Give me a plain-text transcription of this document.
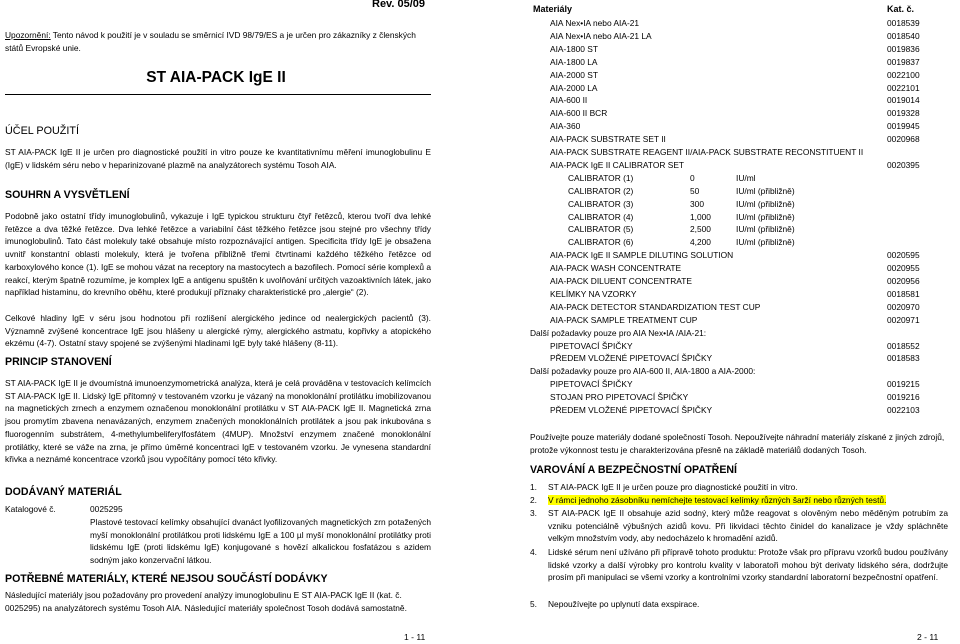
Rev. 05/09
Upozornění: Tento návod k použití je v souladu se směrnicí IVD 98/79/ES a je určen pro zákazníky z členských států Evropské unie.
ST AIA-PACK IgE II
ÚČEL POUŽITÍ
ST AIA-PACK IgE II je určen pro diagnostické použití in vitro pouze ke kvantitativnímu měření imunoglobulinu E (IgE) v lidském séru nebo v heparinizované plazmě na analyzátorech systému Tosoh AIA.
SOUHRN A VYSVĚTLENÍ
Podobně jako ostatní třídy imunoglobulinů, vykazuje i IgE typickou strukturu čtyř řetězců, kterou tvoří dva lehké řetězce a dva těžké řetězce. Dva lehké řetězce a variabilní část těžkého řetězce jsou stejné pro všechny třídy imunoglobulinů. Tato část molekuly také obsahuje místo rozpoznávající antigen. Specificita třídy IgE je obsažena uvnitř konstantní oblasti molekuly, která je tvořena přibližně třemi čtvrtinami každého těžkého řetězce od karboxylového konce (1). IgE se mohou vázat na receptory na mastocytech a bazofilech. Pomocí série komplexů a reakcí, kterým špatně rozumíme, je komplex IgE a antigenu spuštěn k uvolňování určitých vazoaktivních látek, jako například histaminu, do krevního oběhu, které produkují příznaky charakteristické pro „alergie“ (2).
Celkové hladiny IgE v séru jsou hodnotou při rozlišení alergického jedince od nealergických pacientů (3). Významně zvýšené koncentrace IgE jsou hlášeny u alergické rýmy, alergického astmatu, kopřivky a atopického ekzému (4-7). Ostatní stavy spojené se zvýšenými hladinami IgE byly také hlášeny (8-11).
PRINCIP STANOVENÍ
ST AIA-PACK IgE II je dvoumístná imunoenzymometrická analýza, která je celá prováděna v testovacích kelímcích ST AIA-PACK IgE II. Lidský IgE přítomný v testovaném vzorku je vázaný na monoklonální protilátku imobilizovanou na magnetických zrnech a enzymem označenou monoklonální protilátku v ST AIA-PACK IgE II. Magnetická zrna jsou promytím zbavena nenavázaných, enzymem značených monoklonálních protilátek a jsou pak inkubována s fluorogenním substrátem, 4-methylumbeliferylfosfátem (4MUP). Množství enzymem značené monoklonální protilátky, které se váže na zrna, je přímo úměrné koncentraci IgE v testovaném vzorku. Je vynesena standardní křivka a neznámé koncentrace vzorků jsou vypočítány pomocí této křivky.
DODÁVANÝ MATERIÁL
Katalogové č.	0025295
Plastové testovací kelímky obsahující dvanáct lyofilizovaných magnetických zrn potažených myší monoklonální protilátkou proti lidskému IgE a 100 µl myší monoklonální protilátky proti lidskému IgE (proti lidskému IgE) konjugované s hovězí alkalickou fosfatázou s azidem sodným jako konzervační látkou.
POTŘEBNÉ MATERIÁLY, KTERÉ NEJSOU SOUČÁSTÍ DODÁVKY
Následující materiály jsou požadovány pro provedení analýzy imunoglobulinu E ST AIA-PACK IgE II (kat. č. 0025295) na analyzátorech systému Tosoh AIA. Následující materiály společnost Tosoh dodává samostatně.
1 - 11
Materiály	Kat. č.
AIA Nex•IA nebo AIA-21	0018539
AIA Nex•IA nebo AIA-21 LA	0018540
AIA-1800 ST	0019836
AIA-1800 LA	0019837
AIA-2000 ST	0022100
AIA-2000 LA	0022101
AIA-600 II	0019014
AIA-600 II BCR	0019328
AIA-360	0019945
AIA-PACK SUBSTRATE SET II	0020968
AIA-PACK SUBSTRATE REAGENT II/AIA-PACK SUBSTRATE RECONSTITUENT II
AIA-PACK IgE II CALIBRATOR SET	0020395
CALIBRATOR (1)	0	IU/ml
CALIBRATOR (2)	50	IU/ml (přibližně)
CALIBRATOR (3)	300	IU/ml (přibližně)
CALIBRATOR (4)	1,000	IU/ml (přibližně)
CALIBRATOR (5)	2,500	IU/ml (přibližně)
CALIBRATOR (6)	4,200	IU/ml (přibližně)
AIA-PACK IgE II SAMPLE DILUTING SOLUTION	0020595
AIA-PACK WASH CONCENTRATE	0020955
AIA-PACK DILUENT CONCENTRATE	0020956
KELÍMKY NA VZORKY	0018581
AIA-PACK DETECTOR STANDARDIZATION TEST CUP	0020970
AIA-PACK SAMPLE TREATMENT CUP	0020971
Další požadavky pouze pro AIA Nex•IA /AIA-21:
PIPETOVACÍ ŠPIČKY	0018552
PŘEDEM VLOŽENÉ PIPETOVACÍ ŠPIČKY	0018583
Další požadavky pouze pro AIA-600 II, AIA-1800 a AIA-2000:
PIPETOVACÍ ŠPIČKY	0019215
STOJAN PRO PIPETOVACÍ ŠPIČKY	0019216
PŘEDEM VLOŽENÉ PIPETOVACÍ ŠPIČKY	0022103
Používejte pouze materiály dodané společností Tosoh. Nepoužívejte náhradní materiály získané z jiných zdrojů, protože výkonnost testu je charakterizována přesně na základě materiálů dodaných Tosoh.
VAROVÁNÍ A BEZPEČNOSTNÍ OPATŘENÍ
1. ST AIA-PACK IgE II je určen pouze pro diagnostické použití in vitro.
2. V rámci jednoho zásobníku nemíchejte testovací kelímky různých šarží nebo různých testů.
3. ST AIA-PACK IgE II obsahuje azid sodný, který může reagovat s olověným nebo měděným potrubím za vzniku potenciálně výbušných azidů kovu. Při likvidaci těchto činidel do kanalizace je vždy spláchněte velkým množstvím vody, aby nedocházelo k hromadění azidů.
4. Lidské sérum není užíváno při přípravě tohoto produktu: Protože však pro přípravu vzorků budou používány lidské vzorky a další výrobky pro kontrolu kvality v laboratoři mohou být derivaty lidského séra, dodržujte prosím při manipulaci se všemi vzorky a kontrolními vzorky standardní laboratorní bezpečnostní opatření.
5. Nepoužívejte po uplynutí data exspirace.
2 - 11
